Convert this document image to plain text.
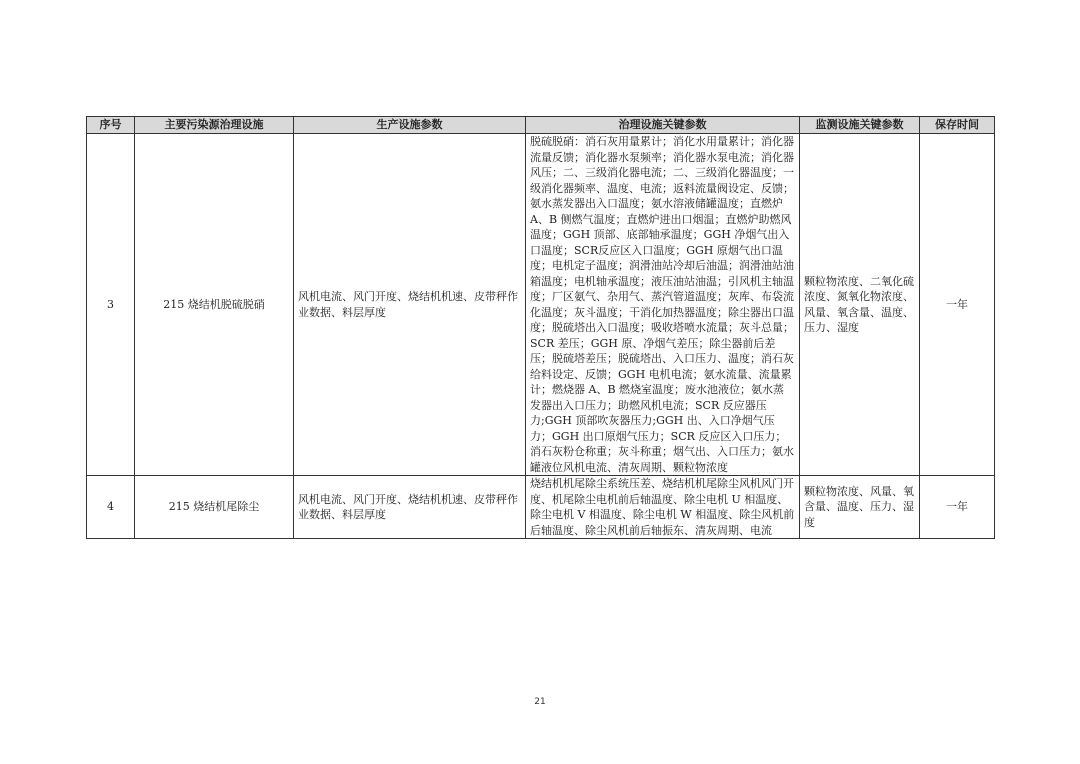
序号	主要污染源治理设施	生产设施参数	治理设施关键参数	监测设施关键参数	保存时间
3	215 烧结机脱硫脱硝	风机电流、风门开度、烧结机机速、皮带秤作业数据、料层厚度	脱硫脱硝：消石灰用量累计；消化水用量累计；消化器流量反馈；消化器水泵频率；消化器水泵电流；消化器风压；二、三级消化器电流；二、三级消化器温度；一级消化器频率、温度、电流；返料流量阀设定、反馈；氨水蒸发器出入口温度；氨水溶液储罐温度；直燃炉 A、B 侧燃气温度；直燃炉进出口烟温；直燃炉助燃风温度；GGH 顶部、底部轴承温度；GGH 净烟气出入口温度；SCR反应区入口温度；GGH 原烟气出口温度；电机定子温度；润滑油站冷却后油温；润滑油站油箱温度；电机轴承温度；液压油站油温；引风机主轴温度；厂区氨气、杂用气、蒸汽管道温度；灰库、布袋流化温度；灰斗温度；干消化加热器温度；除尘器出口温度；脱硫塔出入口温度；吸收塔喷水流量；灰斗总量；SCR 差压；GGH 原、净烟气差压；除尘器前后差压；脱硫塔差压；脱硫塔出、入口压力、温度；消石灰给料设定、反馈；GGH 电机电流；氨水流量、流量累计；燃烧器 A、B 燃烧室温度；废水池液位；氨水蒸发器出入口压力；助燃风机电流；SCR 反应器压力;GGH 顶部吹灰器压力;GGH 出、入口净烟气压力；GGH 出口原烟气压力；SCR 反应区入口压力；消石灰粉仓称重；灰斗称重；烟气出、入口压力；氨水罐液位风机电流、清灰周期、颗粒物浓度	颗粒物浓度、二氧化硫浓度、氮氧化物浓度、风量、氧含量、温度、压力、湿度	一年
4	215 烧结机尾除尘	风机电流、风门开度、烧结机机速、皮带秤作业数据、料层厚度	烧结机机尾除尘系统压差、烧结机机尾除尘风机风门开度、机尾除尘电机前后轴温度、除尘电机 U 相温度、除尘电机 V 相温度、除尘电机 W 相温度、除尘风机前后轴温度、除尘风机前后轴振东、清灰周期、电流	颗粒物浓度、风量、氧含量、温度、压力、湿度	一年
21
